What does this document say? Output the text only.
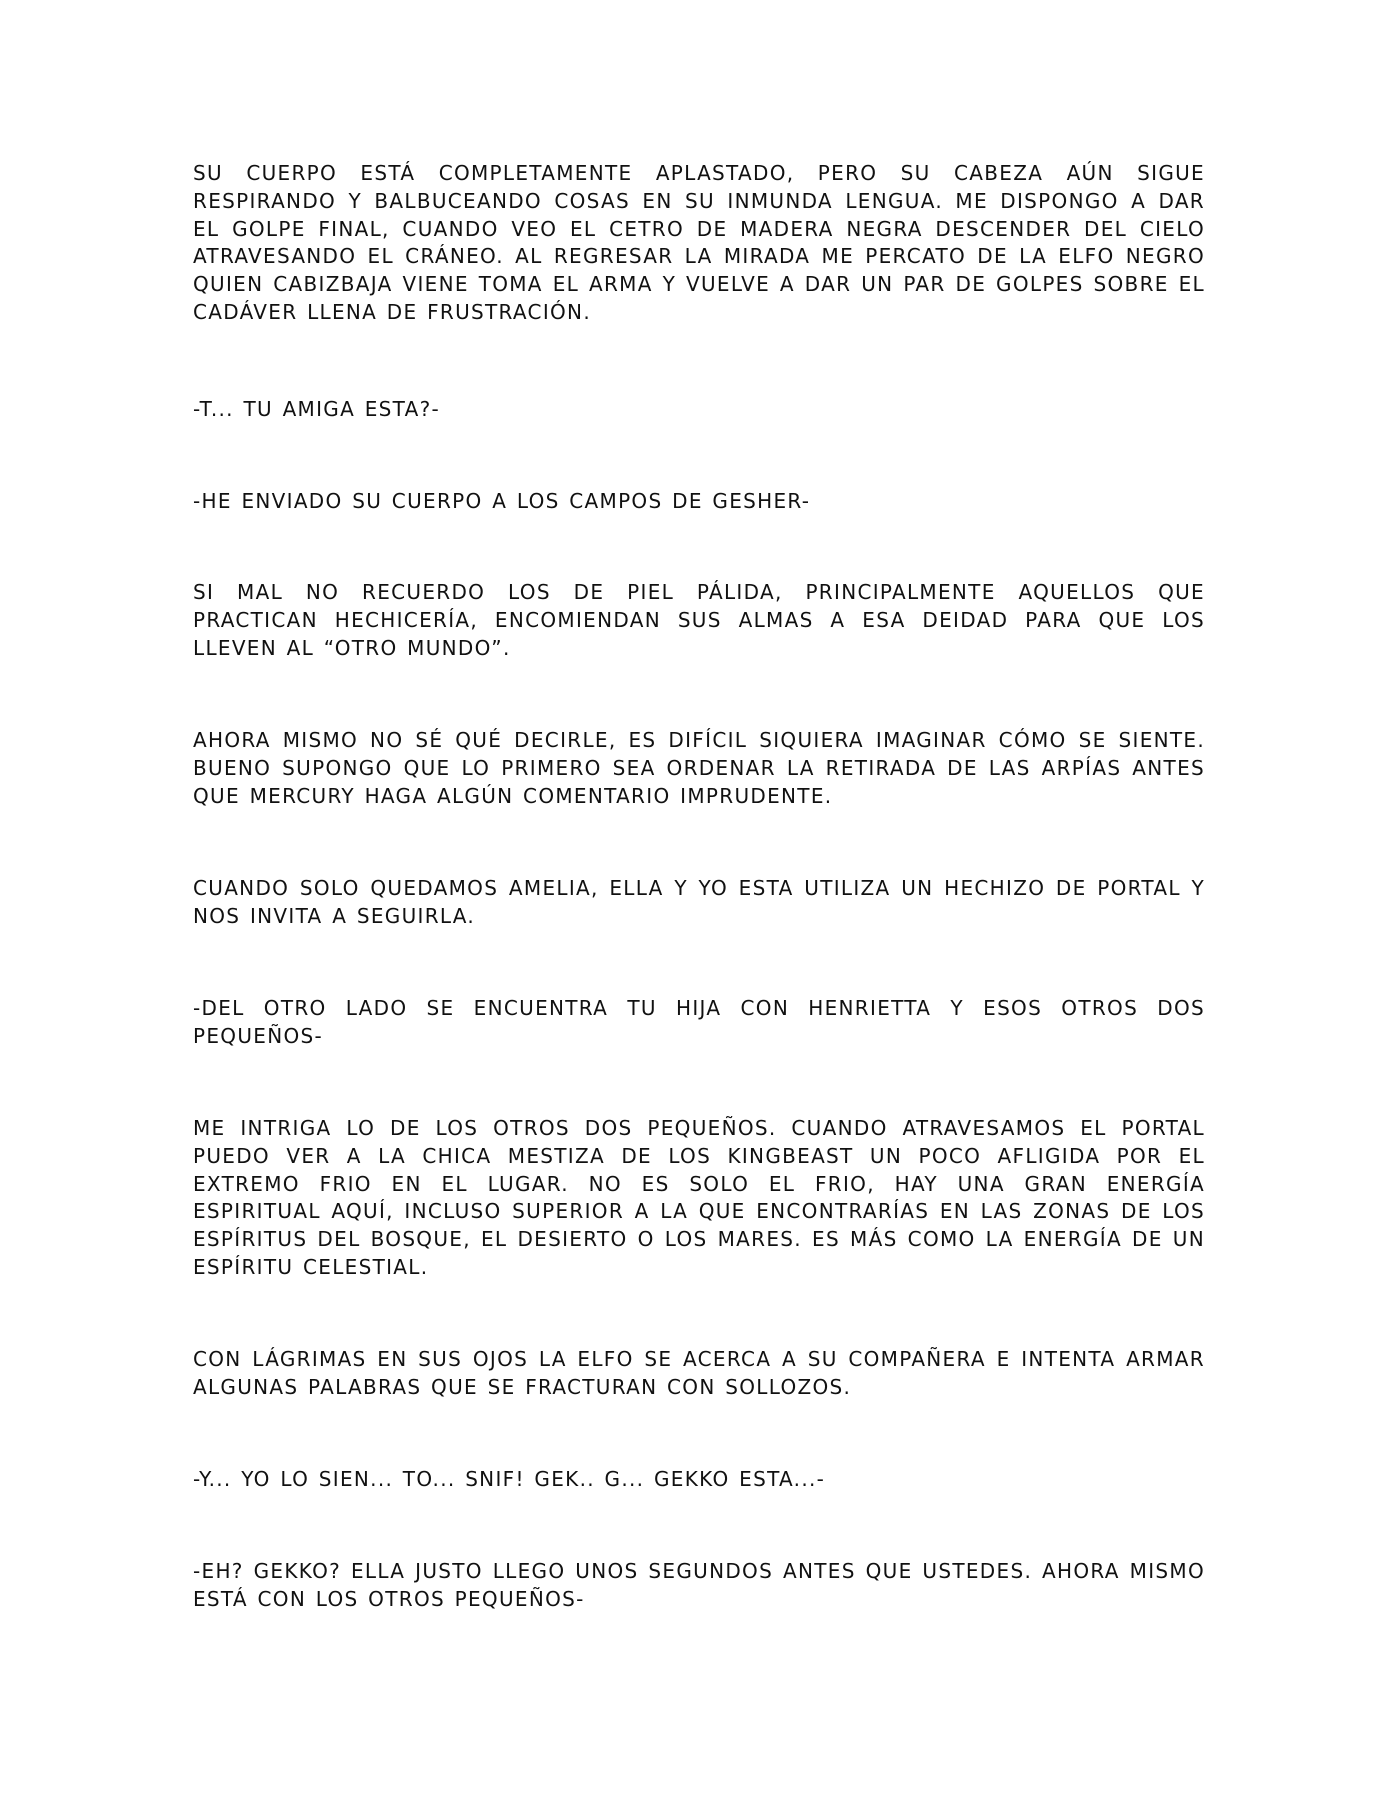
SU CUERPO ESTÁ COMPLETAMENTE APLASTADO, PERO SU CABEZA AÚN SIGUE RESPIRANDO Y BALBUCEANDO COSAS EN SU INMUNDA LENGUA. ME DISPONGO A DAR EL GOLPE FINAL, CUANDO VEO EL CETRO DE MADERA NEGRA DESCENDER DEL CIELO ATRAVESANDO EL CRÁNEO. AL REGRESAR LA MIRADA ME PERCATO DE LA ELFO NEGRO QUIEN CABIZBAJA VIENE TOMA EL ARMA Y VUELVE A DAR UN PAR DE GOLPES SOBRE EL CADÁVER LLENA DE FRUSTRACIÓN.

-T... TU AMIGA ESTA?-

-HE ENVIADO SU CUERPO A LOS CAMPOS DE GESHER-

SI MAL NO RECUERDO LOS DE PIEL PÁLIDA, PRINCIPALMENTE AQUELLOS QUE PRACTICAN HECHICERÍA, ENCOMIENDAN SUS ALMAS A ESA DEIDAD PARA QUE LOS LLEVEN AL “OTRO MUNDO”.

AHORA MISMO NO SÉ QUÉ DECIRLE, ES DIFÍCIL SIQUIERA IMAGINAR CÓMO SE SIENTE. BUENO SUPONGO QUE LO PRIMERO SEA ORDENAR LA RETIRADA DE LAS ARPÍAS ANTES QUE MERCURY HAGA ALGÚN COMENTARIO IMPRUDENTE.

CUANDO SOLO QUEDAMOS AMELIA, ELLA Y YO ESTA UTILIZA UN HECHIZO DE PORTAL Y NOS INVITA A SEGUIRLA.

-DEL OTRO LADO SE ENCUENTRA TU HIJA CON HENRIETTA Y ESOS OTROS DOS PEQUEÑOS-

ME INTRIGA LO DE LOS OTROS DOS PEQUEÑOS. CUANDO ATRAVESAMOS EL PORTAL PUEDO VER A LA CHICA MESTIZA DE LOS KINGBEAST UN POCO AFLIGIDA POR EL EXTREMO FRIO EN EL LUGAR. NO ES SOLO EL FRIO, HAY UNA GRAN ENERGÍA ESPIRITUAL AQUÍ, INCLUSO SUPERIOR A LA QUE ENCONTRARÍAS EN LAS ZONAS DE LOS ESPÍRITUS DEL BOSQUE, EL DESIERTO O LOS MARES. ES MÁS COMO LA ENERGÍA DE UN ESPÍRITU CELESTIAL.

CON LÁGRIMAS EN SUS OJOS LA ELFO SE ACERCA A SU COMPAÑERA E INTENTA ARMAR ALGUNAS PALABRAS QUE SE FRACTURAN CON SOLLOZOS.

-Y... YO LO SIEN... TO... SNIF! GEK.. G... GEKKO ESTA...-

-EH? GEKKO? ELLA JUSTO LLEGO UNOS SEGUNDOS ANTES QUE USTEDES. AHORA MISMO ESTÁ CON LOS OTROS PEQUEÑOS-
